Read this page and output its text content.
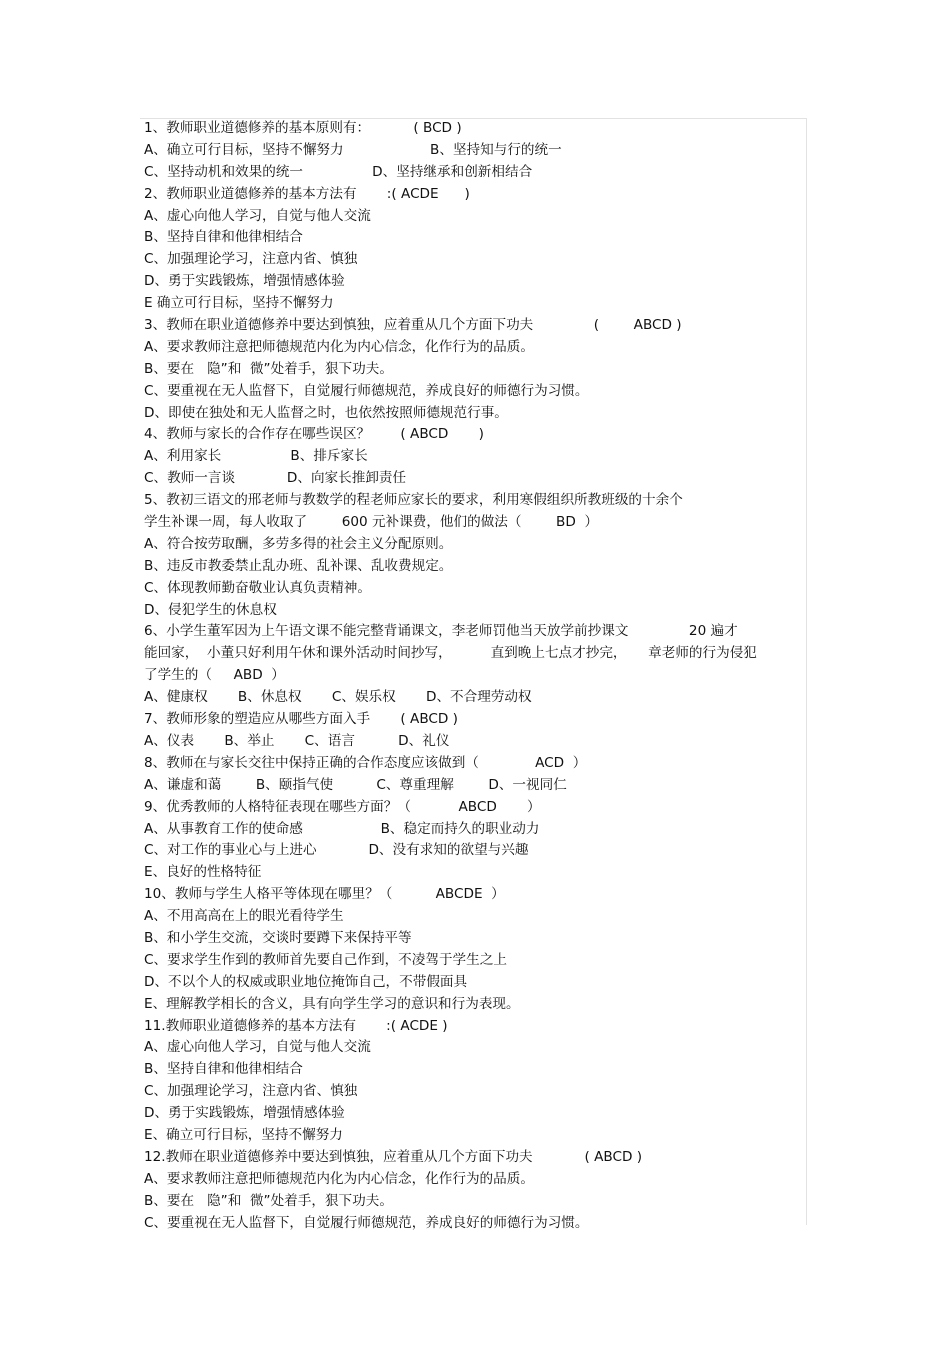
1、教师职业道德修养的基本原则有：          ( BCD )
A、确立可行目标，坚持不懈努力                    B、坚持知与行的统一
C、坚持动机和效果的统一                D、坚持继承和创新相结合
2、教师职业道德修养的基本方法有       :( ACDE      )
A、虚心向他人学习，自觉与他人交流
B、坚持自律和他律相结合
C、加强理论学习，注意内省、慎独
D、勇于实践锻炼，增强情感体验
E 确立可行目标，坚持不懈努力
3、教师在职业道德修养中要达到慎独，应着重从几个方面下功夫              (        ABCD )
A、要求教师注意把师德规范内化为内心信念，化作行为的品质。
B、要在   隐”和  微”处着手，狠下功夫。
C、要重视在无人监督下，自觉履行师德规范，养成良好的师德行为习惯。
D、即使在独处和无人监督之时，也依然按照师德规范行事。
4、教师与家长的合作存在哪些误区？       ( ABCD       )
A、利用家长                B、排斥家长
C、教师一言谈            D、向家长推卸责任
5、教初三语文的邢老师与教数学的程老师应家长的要求，利用寒假组织所教班级的十余个
学生补课一周，每人收取了        600 元补课费，他们的做法（        BD  ）
A、符合按劳取酬，多劳多得的社会主义分配原则。
B、违反市教委禁止乱办班、乱补课、乱收费规定。
C、体现教师勤奋敬业认真负责精神。
D、侵犯学生的休息权
6、小学生董军因为上午语文课不能完整背诵课文，李老师罚他当天放学前抄课文              20 遍才
能回家，  小董只好利用午休和课外活动时间抄写，         直到晚上七点才抄完，     章老师的行为侵犯
了学生的（     ABD  ）
A、健康权       B、休息权       C、娱乐权       D、不合理劳动权
7、教师形象的塑造应从哪些方面入手       ( ABCD )
A、仪表       B、举止       C、语言          D、礼仪
8、教师在与家长交往中保持正确的合作态度应该做到（             ACD  ）
A、谦虚和蔼        B、颐指气使          C、尊重理解        D、一视同仁
9、优秀教师的人格特征表现在哪些方面？（           ABCD       ）
A、从事教育工作的使命感                  B、稳定而持久的职业动力
C、对工作的事业心与上进心            D、没有求知的欲望与兴趣
E、良好的性格特征
10、教师与学生人格平等体现在哪里？（          ABCDE  ）
A、不用高高在上的眼光看待学生
B、和小学生交流，交谈时要蹲下来保持平等
C、要求学生作到的教师首先要自己作到，不凌驾于学生之上
D、不以个人的权威或职业地位掩饰自己，不带假面具
E、理解教学相长的含义，具有向学生学习的意识和行为表现。
11.教师职业道德修养的基本方法有       :( ACDE )
A、虚心向他人学习，自觉与他人交流
B、坚持自律和他律相结合
C、加强理论学习，注意内省、慎独
D、勇于实践锻炼，增强情感体验
E、确立可行目标，坚持不懈努力
12.教师在职业道德修养中要达到慎独，应着重从几个方面下功夫            ( ABCD )
A、要求教师注意把师德规范内化为内心信念，化作行为的品质。
B、要在   隐”和  微”处着手，狠下功夫。
C、要重视在无人监督下，自觉履行师德规范，养成良好的师德行为习惯。
